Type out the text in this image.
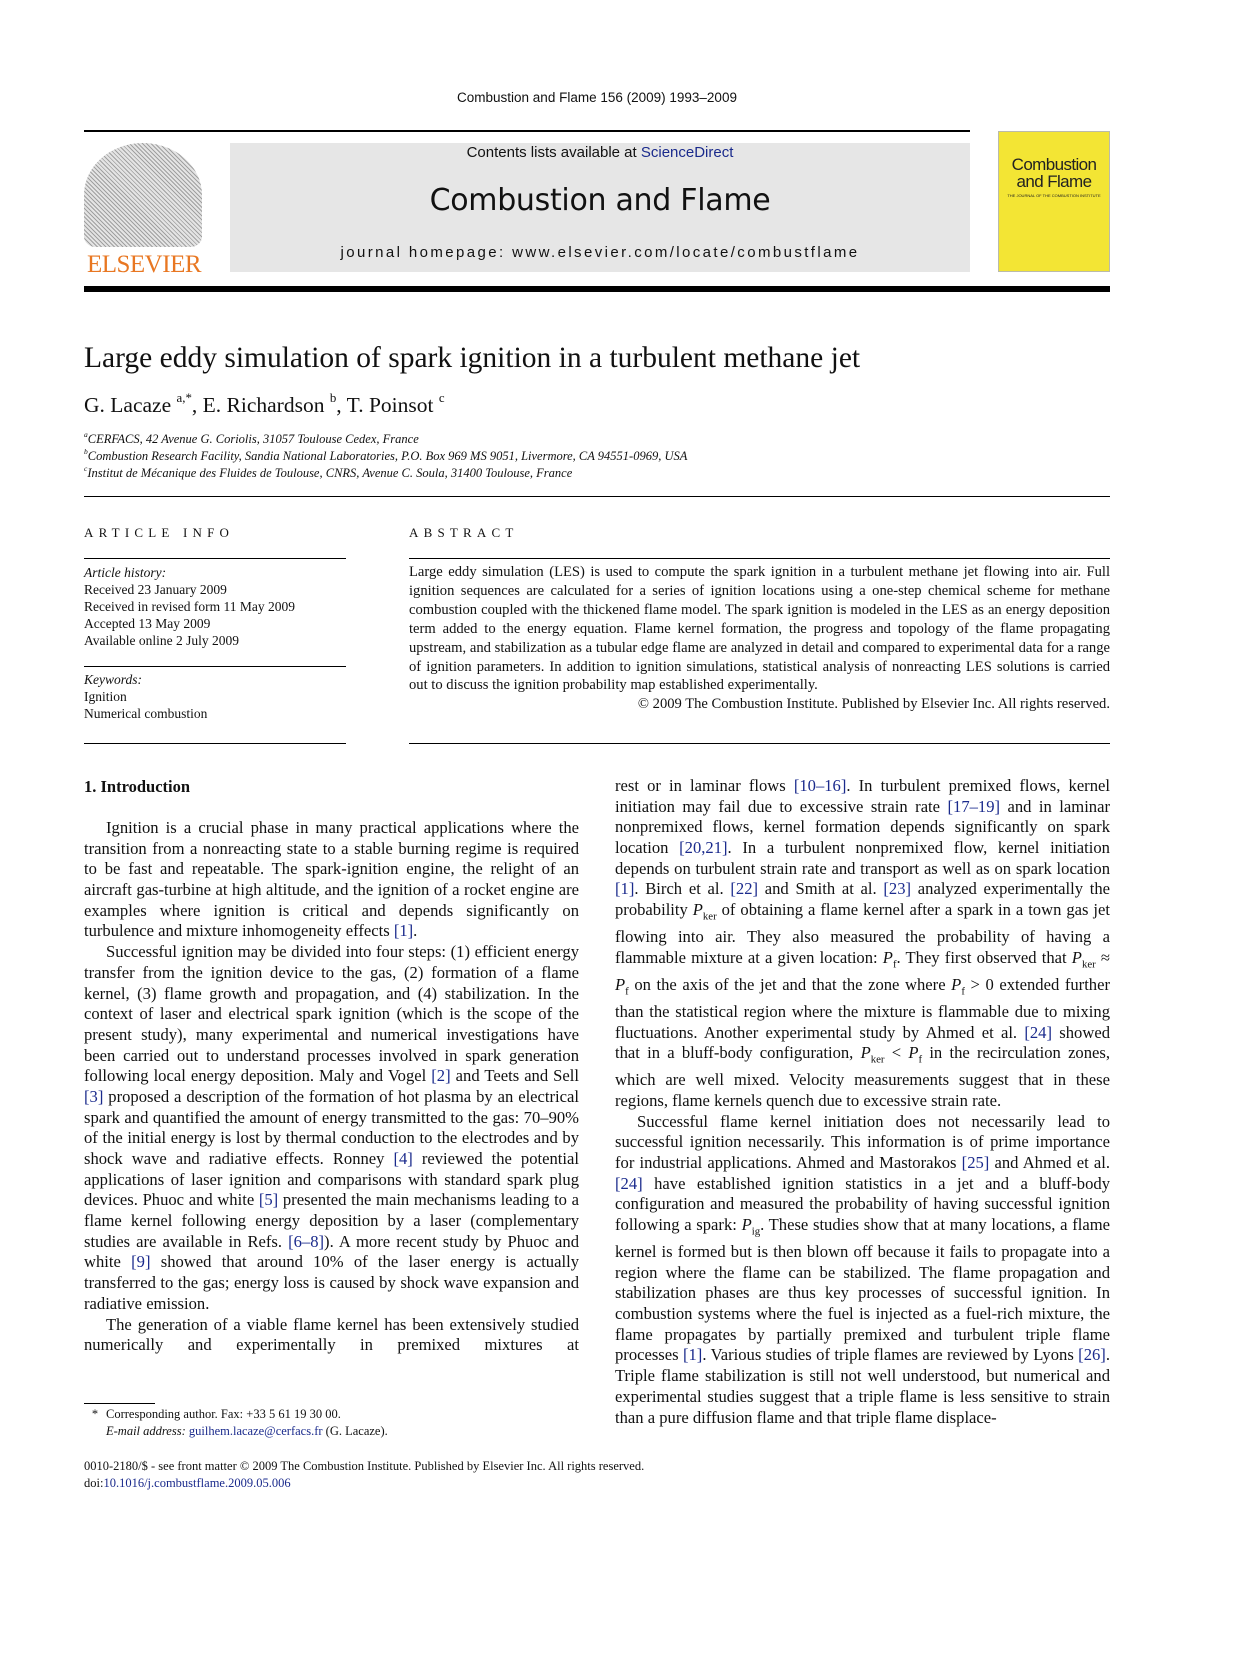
Combustion and Flame 156 (2009) 1993–2009
ELSEVIER
Contents lists available at ScienceDirect
Combustion and Flame
journal homepage: www.elsevier.com/locate/combustflame
Combustion
and Flame
THE JOURNAL OF THE COMBUSTION INSTITUTE
Large eddy simulation of spark ignition in a turbulent methane jet
G. Lacaze $^{a,*}$, E. Richardson $^b$, T. Poinsot $^c$
$^a$CERFACS, 42 Avenue G. Coriolis, 31057 Toulouse Cedex, France
$^b$Combustion Research Facility, Sandia National Laboratories, P.O. Box 969 MS 9051, Livermore, CA 94551-0969, USA
$^c$Institut de Mécanique des Fluides de Toulouse, CNRS, Avenue C. Soula, 31400 Toulouse, France
ARTICLE INFO	ABSTRACT
Article history:
Received 23 January 2009
Received in revised form 11 May 2009
Accepted 13 May 2009
Available online 2 July 2009
Keywords:
Ignition
Numerical combustion
Large eddy simulation (LES) is used to compute the spark ignition in a turbulent methane jet flowing into air. Full ignition sequences are calculated for a series of ignition locations using a one-step chemical scheme for methane combustion coupled with the thickened flame model. The spark ignition is modeled in the LES as an energy deposition term added to the energy equation. Flame kernel formation, the progress and topology of the flame propagating upstream, and stabilization as a tubular edge flame are analyzed in detail and compared to experimental data for a range of ignition parameters. In addition to ignition simulations, statistical analysis of nonreacting LES solutions is carried out to discuss the ignition probability map established experimentally.
© 2009 The Combustion Institute. Published by Elsevier Inc. All rights reserved.
1. Introduction

Ignition is a crucial phase in many practical applications where the transition from a nonreacting state to a stable burning regime is required to be fast and repeatable. The spark-ignition engine, the relight of an aircraft gas-turbine at high altitude, and the ignition of a rocket engine are examples where ignition is critical and depends significantly on turbulence and mixture inhomogeneity effects [1].

Successful ignition may be divided into four steps: (1) efficient energy transfer from the ignition device to the gas, (2) formation of a flame kernel, (3) flame growth and propagation, and (4) stabilization. In the context of laser and electrical spark ignition (which is the scope of the present study), many experimental and numerical investigations have been carried out to understand processes involved in spark generation following local energy deposition. Maly and Vogel [2] and Teets and Sell [3] proposed a description of the formation of hot plasma by an electrical spark and quantified the amount of energy transmitted to the gas: 70–90% of the initial energy is lost by thermal conduction to the electrodes and by shock wave and radiative effects. Ronney [4] reviewed the potential applications of laser ignition and comparisons with standard spark plug devices. Phuoc and white [5] presented the main mechanisms leading to a flame kernel following energy deposition by a laser (complementary studies are available in Refs. [6–8]). A more recent study by Phuoc and white [9] showed that around 10% of the laser energy is actually transferred to the gas; energy loss is caused by shock wave expansion and radiative emission.

The generation of a viable flame kernel has been extensively studied numerically and experimentally in premixed mixtures at

rest or in laminar flows [10–16]. In turbulent premixed flows, kernel initiation may fail due to excessive strain rate [17–19] and in laminar nonpremixed flows, kernel formation depends significantly on spark location [20,21]. In a turbulent nonpremixed flow, kernel initiation depends on turbulent strain rate and transport as well as on spark location [1]. Birch et al. [22] and Smith at al. [23] analyzed experimentally the probability $P_{ker}$ of obtaining a flame kernel after a spark in a town gas jet flowing into air. They also measured the probability of having a flammable mixture at a given location: $P_f$. They first observed that $P_{ker} \approx P_f$ on the axis of the jet and that the zone where $P_f > 0$ extended further than the statistical region where the mixture is flammable due to mixing fluctuations. Another experimental study by Ahmed et al. [24] showed that in a bluff-body configuration, $P_{ker} < P_f$ in the recirculation zones, which are well mixed. Velocity measurements suggest that in these regions, flame kernels quench due to excessive strain rate.

Successful flame kernel initiation does not necessarily lead to successful ignition necessarily. This information is of prime importance for industrial applications. Ahmed and Mastorakos [25] and Ahmed et al. [24] have established ignition statistics in a jet and a bluff-body configuration and measured the probability of having successful ignition following a spark: $P_{ig}$. These studies show that at many locations, a flame kernel is formed but is then blown off because it fails to propagate into a region where the flame can be stabilized. The flame propagation and stabilization phases are thus key processes of successful ignition. In combustion systems where the fuel is injected as a fuel-rich mixture, the flame propagates by partially premixed and turbulent triple flame processes [1]. Various studies of triple flames are reviewed by Lyons [26]. Triple flame stabilization is still not well understood, but numerical and experimental studies suggest that a triple flame is less sensitive to strain than a pure diffusion flame and that triple flame displace-

* Corresponding author. Fax: +33 5 61 19 30 00.
E-mail address: guilhem.lacaze@cerfacs.fr (G. Lacaze).
0010-2180/$ - see front matter © 2009 The Combustion Institute. Published by Elsevier Inc. All rights reserved.
doi:10.1016/j.combustflame.2009.05.006
